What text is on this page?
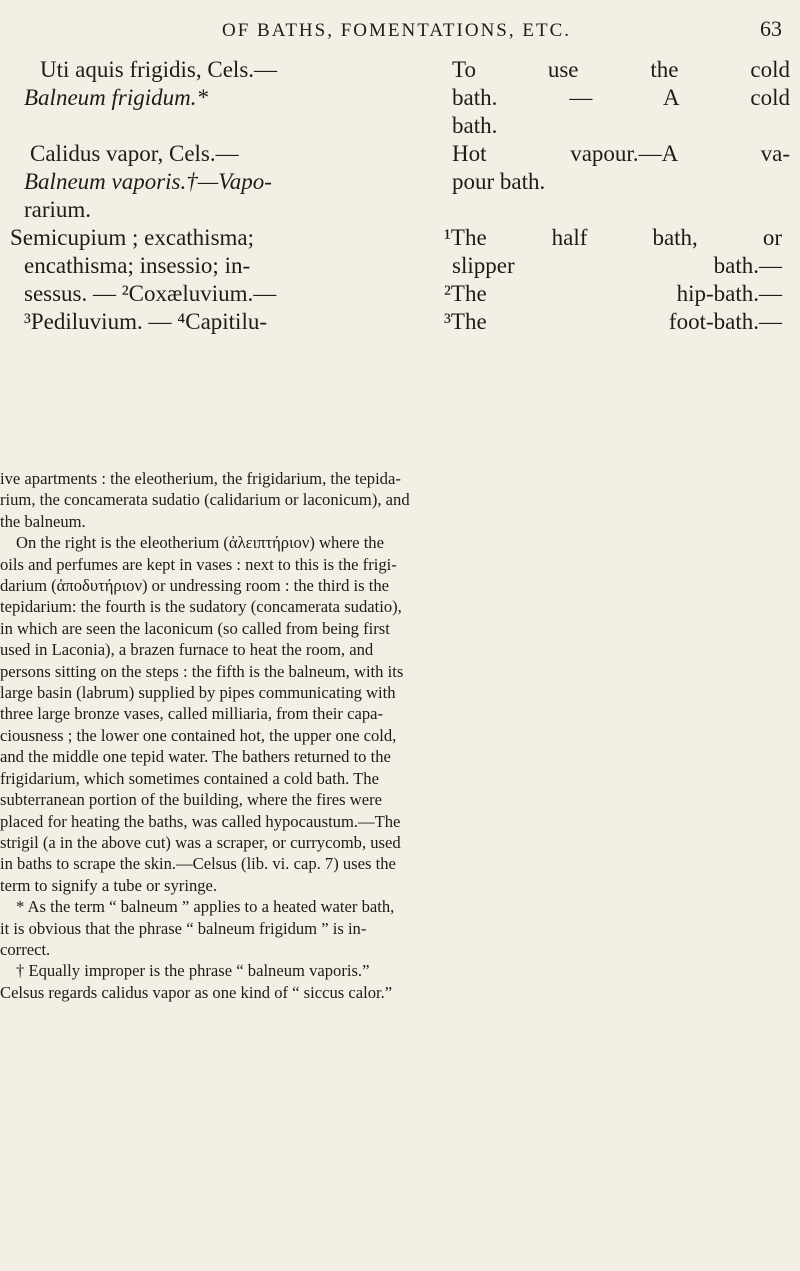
OF BATHS, FOMENTATIONS, ETC.	63
Uti aquis frigidis, Cels.—
Balneum frigidum.*
To use the cold
bath. — A cold
bath.
Calidus vapor, Cels.—
Balneum vaporis.†—Vapo-
rarium.
Hot vapour.—A va-
pour bath.
Semicupium ; excathisma;
encathisma; insessio; in-
sessus. — ²Coxæluvium.—
³Pediluvium. — ⁴Capitilu-
¹The half bath, or
slipper bath.—
²The hip-bath.—
³The foot-bath.—

ive apartments : the eleotherium, the frigidarium, the tepida-

rium, the concamerata sudatio (calidarium or laconicum), and

the balneum.

On the right is the eleotherium (ἀλειπτήριον) where the

oils and perfumes are kept in vases : next to this is the frigi-

darium (ἀποδυτήριον) or undressing room : the third is the

tepidarium: the fourth is the sudatory (concamerata sudatio),

in which are seen the laconicum (so called from being first

used in Laconia), a brazen furnace to heat the room, and

persons sitting on the steps : the fifth is the balneum, with its

large basin (labrum) supplied by pipes communicating with

three large bronze vases, called milliaria, from their capa-

ciousness ; the lower one contained hot, the upper one cold,

and the middle one tepid water. The bathers returned to the

frigidarium, which sometimes contained a cold bath. The

subterranean portion of the building, where the fires were

placed for heating the baths, was called hypocaustum.—The

strigil (a in the above cut) was a scraper, or currycomb, used

in baths to scrape the skin.—Celsus (lib. vi. cap. 7) uses the

term to signify a tube or syringe.

* As the term “ balneum ” applies to a heated water bath,

it is obvious that the phrase “ balneum frigidum ” is in-

correct.

† Equally improper is the phrase “ balneum vaporis.”

Celsus regards calidus vapor as one kind of “ siccus calor.”
